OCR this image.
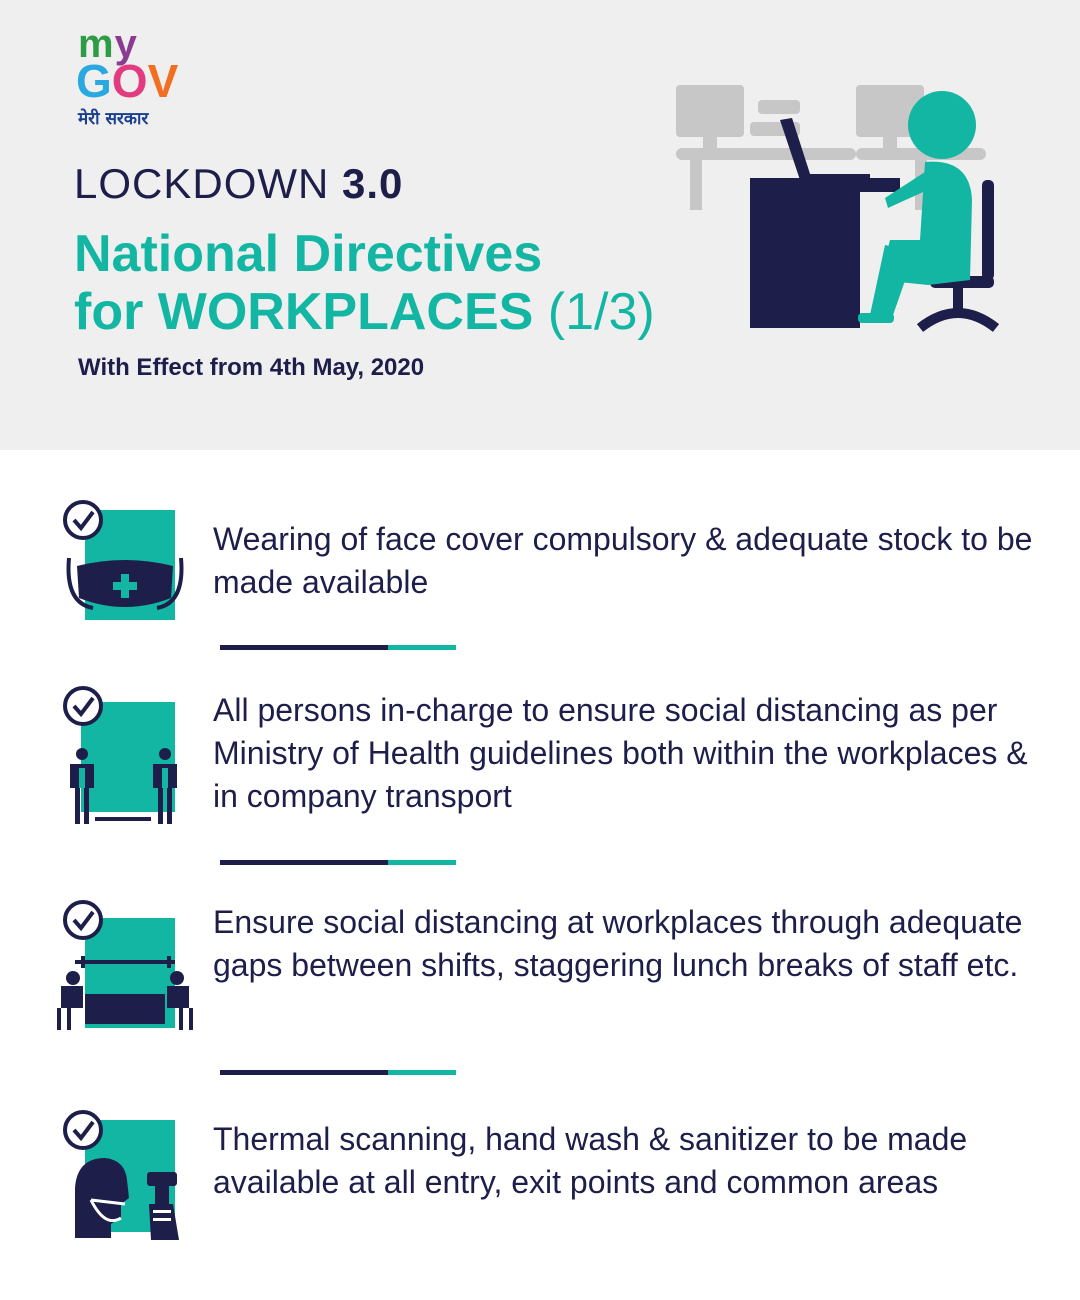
my
GOV
मेरी सरकार
LOCKDOWN 3.0
National Directives
for WORKPLACES (1/3)
With Effect from 4th May, 2020
Wearing of face cover compulsory & adequate stock to be made available
All persons in-charge to ensure social distancing as per Ministry of Health guidelines both within the workplaces & in company transport
Ensure social distancing at workplaces through adequate gaps between shifts, staggering lunch breaks of staff etc.
Thermal scanning, hand wash & sanitizer to be made available at all entry, exit points and common areas
